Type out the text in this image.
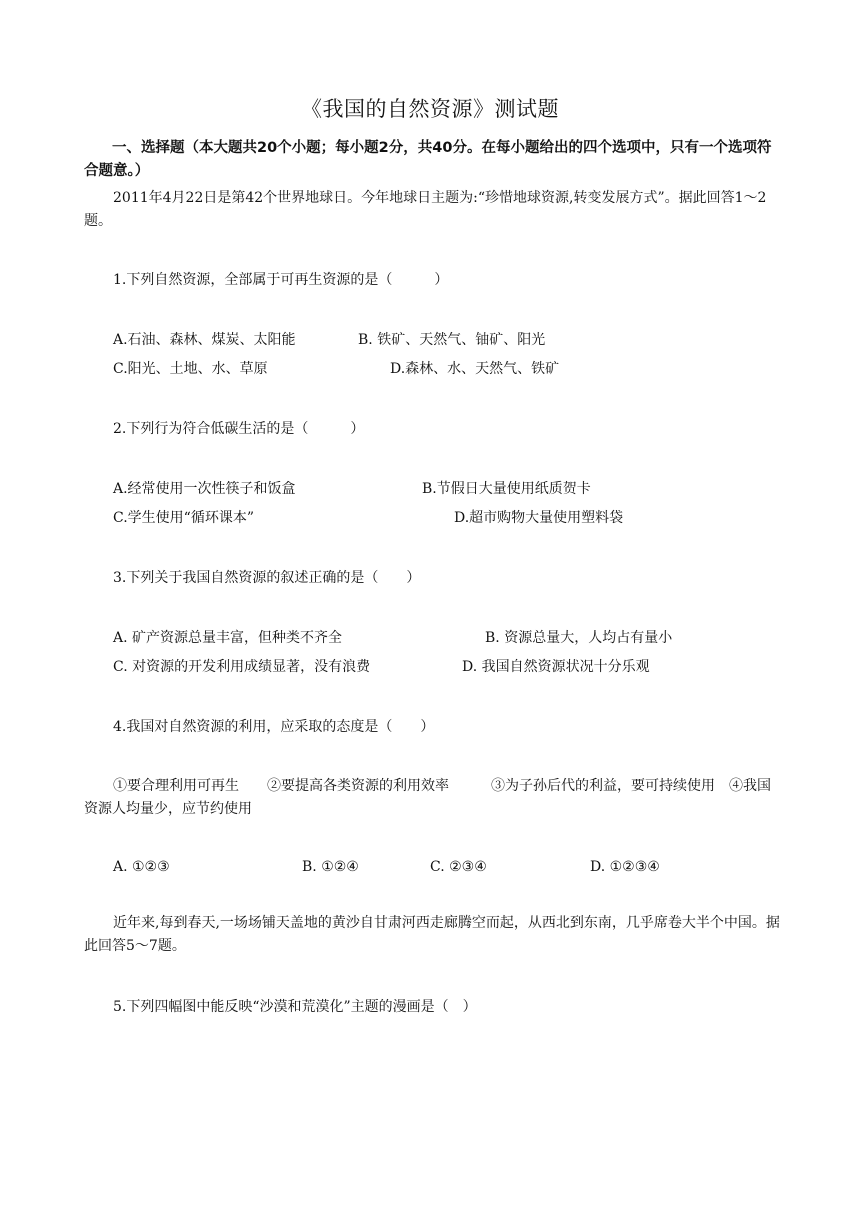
《我国的自然资源》测试题
一、选择题（本大题共20个小题；每小题2分，共40分。在每小题给出的四个选项中，只有一个选项符合题意。）
2011年4月22日是第42个世界地球日。今年地球日主题为:“珍惜地球资源,转变发展方式”。据此回答1～2题。
1.下列自然资源，全部属于可再生资源的是（　　　）
A.石油、森林、煤炭、太阳能	B. 铁矿、天然气、铀矿、阳光
C.阳光、土地、水、草原	D.森林、水、天然气、铁矿
2.下列行为符合低碳生活的是（　　　）
A.经常使用一次性筷子和饭盒	B.节假日大量使用纸质贺卡
C.学生使用“循环课本”	D.超市购物大量使用塑料袋
3.下列关于我国自然资源的叙述正确的是（　　）
A. 矿产资源总量丰富，但种类不齐全	B. 资源总量大，人均占有量小
C. 对资源的开发利用成绩显著，没有浪费	D. 我国自然资源状况十分乐观
4.我国对自然资源的利用，应采取的态度是（　　）
①要合理利用可再生　　②要提高各类资源的利用效率　　　③为子孙后代的利益，要可持续使用　④我国资源人均量少，应节约使用
A. ①②③	B. ①②④	C. ②③④	D. ①②③④
近年来,每到春天,一场场铺天盖地的黄沙自甘肃河西走廊腾空而起，从西北到东南，几乎席卷大半个中国。据此回答5～7题。
5.下列四幅图中能反映“沙漠和荒漠化”主题的漫画是（　）
